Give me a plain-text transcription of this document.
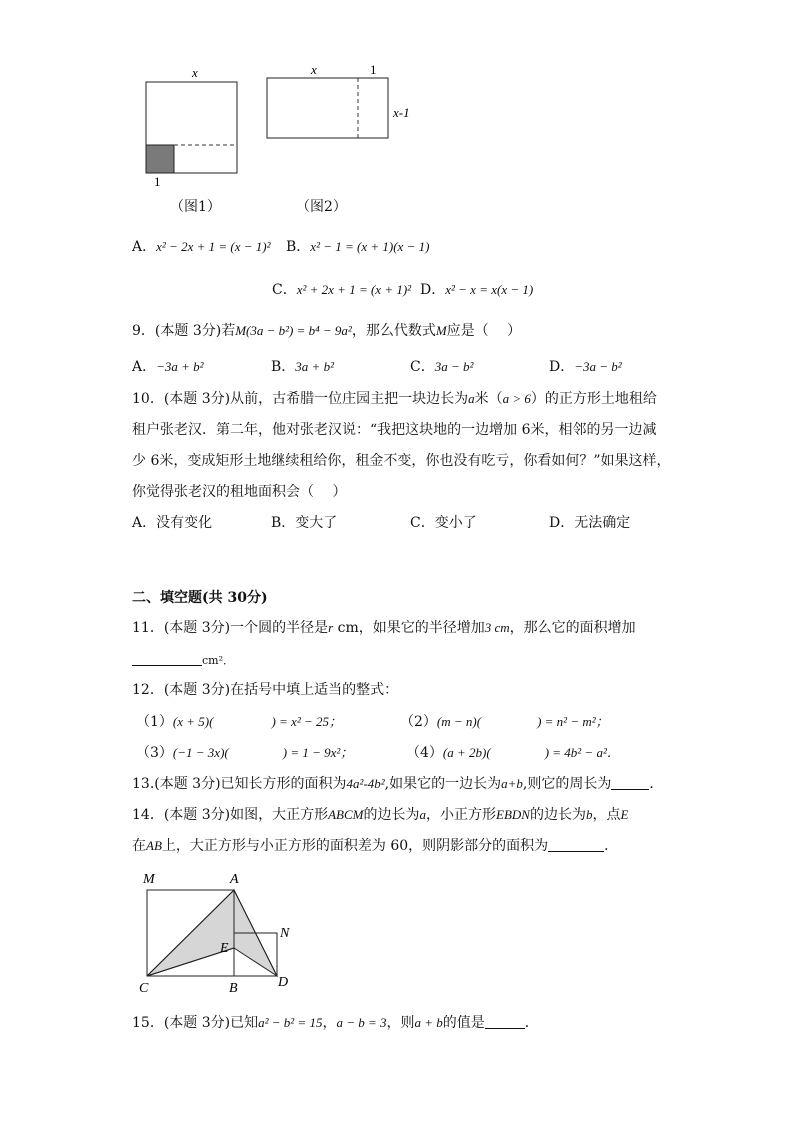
x
1
（图1）
x	1
x-1
（图2）
A．x² − 2x + 1 = (x − 1)² B．x² − 1 = (x + 1)(x − 1)
C．x² + 2x + 1 = (x + 1)² D．x² − x = x(x − 1)
9．(本题 3分)若M(3a − b²) = b⁴ − 9a²，那么代数式M应是（　 ）
A．−3a + b²	B．3a + b²	C．3a − b²	D．−3a − b²
10．(本题 3分)从前，古希腊一位庄园主把一块边长为a米（a > 6）的正方形土地租给
租户张老汉．第二年，他对张老汉说：“我把这块地的一边增加 6米，相邻的另一边减
少 6米，变成矩形土地继续租给你，租金不变，你也没有吃亏，你看如何？”如果这样，
你觉得张老汉的租地面积会（　 ）
A．没有变化	B．变大了	C．变小了	D．无法确定
二、填空题(共 30分)
11．(本题 3分)一个圆的半径是r cm，如果它的半径增加3 cm，那么它的面积增加
cm²．
12．(本题 3分)在括号中填上适当的整式：
（1）(x + 5)(	) = x² − 25；	（2）(m − n)(	) = n² − m²；
（3）(−1 − 3x)(	) = 1 − 9x²；	（4）(a + 2b)(	) = 4b² − a²．
13.(本题 3分)已知长方形的面积为4a²-4b²,如果它的一边长为a+b,则它的周长为	．
14．(本题 3分)如图，大正方形ABCM的边长为a，小正方形EBDN的边长为b，点E
在AB上，大正方形与小正方形的面积差为 60，则阴影部分的面积为	．
M	A
N
E
C	B	D
15．(本题 3分)已知a² − b² = 15，a − b = 3，则a + b的值是	．
